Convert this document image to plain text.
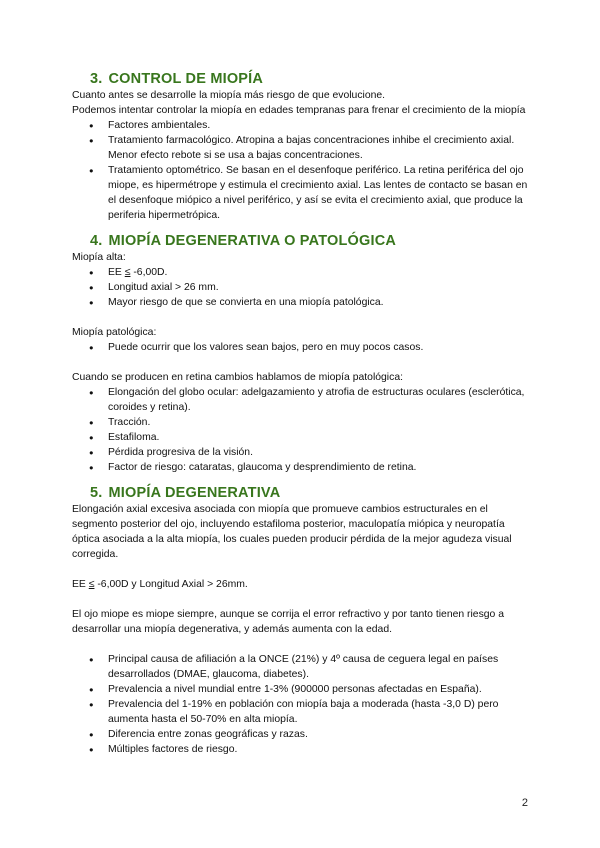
3. CONTROL DE MIOPÍA

Cuanto antes se desarrolle la miopía más riesgo de que evolucione.

Podemos intentar controlar la miopía en edades tempranas para frenar el crecimiento de la miopía

● Factores ambientales.
● Tratamiento farmacológico. Atropina a bajas concentraciones inhibe el crecimiento axial. Menor efecto rebote si se usa a bajas concentraciones.
● Tratamiento optométrico. Se basan en el desenfoque periférico. La retina periférica del ojo miope, es hipermétrope y estimula el crecimiento axial. Las lentes de contacto se basan en el desenfoque miópico a nivel periférico, y así se evita el crecimiento axial, que produce la periferia hipermetrópica.
4. MIOPÍA DEGENERATIVA O PATOLÓGICA

Miopía alta:

● EE ≤ -6,00D.
● Longitud axial > 26 mm.
● Mayor riesgo de que se convierta en una miopía patológica.

Miopía patológica:

● Puede ocurrir que los valores sean bajos, pero en muy pocos casos.

Cuando se producen en retina cambios hablamos de miopía patológica:

● Elongación del globo ocular: adelgazamiento y atrofia de estructuras oculares (esclerótica, coroides y retina).
● Tracción.
● Estafiloma.
● Pérdida progresiva de la visión.
● Factor de riesgo: cataratas, glaucoma y desprendimiento de retina.
5. MIOPÍA DEGENERATIVA

Elongación axial excesiva asociada con miopía que promueve cambios estructurales en el segmento posterior del ojo, incluyendo estafiloma posterior, maculopatía miópica y neuropatía óptica asociada a la alta miopía, los cuales pueden producir pérdida de la mejor agudeza visual corregida.

EE ≤ -6,00D y Longitud Axial > 26mm.

El ojo miope es miope siempre, aunque se corrija el error refractivo y por tanto tienen riesgo a desarrollar una miopía degenerativa, y además aumenta con la edad.

● Principal causa de afiliación a la ONCE (21%) y 4º causa de ceguera legal en países desarrollados (DMAE, glaucoma, diabetes).
● Prevalencia a nivel mundial entre 1-3% (900000 personas afectadas en España).
● Prevalencia del 1-19% en población con miopía baja a moderada (hasta -3,0 D) pero aumenta hasta el 50-70% en alta miopía.
● Diferencia entre zonas geográficas y razas.
● Múltiples factores de riesgo.
2
